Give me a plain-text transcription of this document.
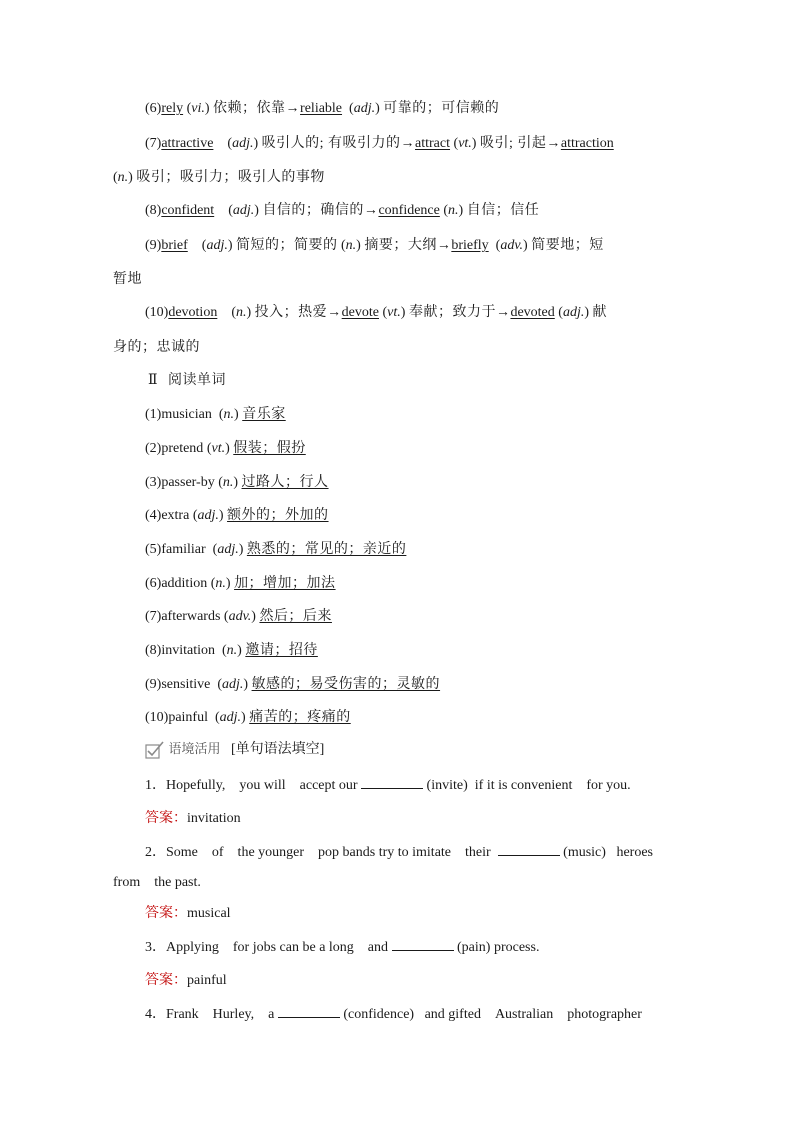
(6)rely (vi.) 依赖；依靠→reliable  (adj.) 可靠的；可信赖的
(7)attractive    (adj.) 吸引人的; 有吸引力的→attract (vt.) 吸引; 引起→attraction
(n.) 吸引；吸引力；吸引人的事物
(8)confident    (adj.) 自信的；确信的→confidence (n.) 自信；信任
(9)brief    (adj.) 简短的；简要的 (n.) 摘要；大纲→briefly  (adv.) 简要地；短
暂地
(10)devotion    (n.) 投入；热爱→devote (vt.) 奉献；致力于→devoted (adj.) 献
身的；忠诚的
Ⅱ 阅读单词
(1)musician  (n.) 音乐家
(2)pretend (vt.) 假装；假扮
(3)passer-by (n.) 过路人；行人
(4)extra (adj.) 额外的；外加的
(5)familiar  (adj.) 熟悉的；常见的；亲近的
(6)addition (n.) 加；增加；加法
(7)afterwards (adv.) 然后；后来
(8)invitation  (n.) 邀请；招待
(9)sensitive  (adj.) 敏感的；易受伤害的；灵敏的
(10)painful  (adj.) 痛苦的；疼痛的
语境活用 [单句语法填空]
1．Hopefully,　you will　accept our	(invite) if it is convenient　for you.
答案：invitation
2．Some　of　the younger　pop bands try to imitate　their	(music) heroes
from　the past.
答案：musical
3．Applying　for jobs can be a long　and	(pain) process.
答案：painful
4．Frank　Hurley,　a	(confidence) and gifted　Australian　photographer
